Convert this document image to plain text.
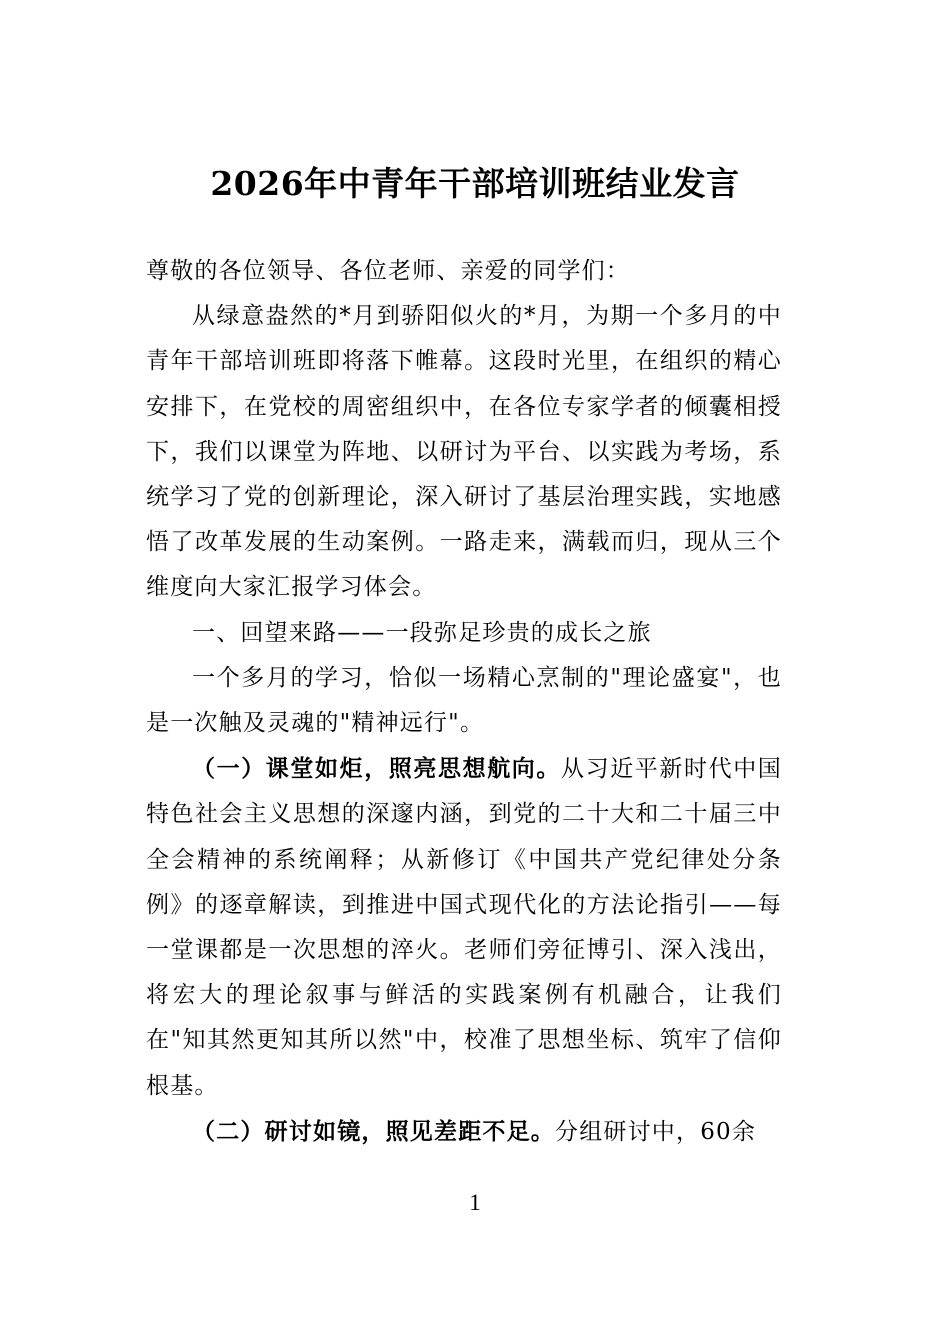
2026年中青年干部培训班结业发言

尊敬的各位领导、各位老师、亲爱的同学们：

从绿意盎然的*月到骄阳似火的*月，为期一个多月的中青年干部培训班即将落下帷幕。这段时光里，在组织的精心安排下，在党校的周密组织中，在各位专家学者的倾囊相授下，我们以课堂为阵地、以研讨为平台、以实践为考场，系统学习了党的创新理论，深入研讨了基层治理实践，实地感悟了改革发展的生动案例。一路走来，满载而归，现从三个维度向大家汇报学习体会。

一、回望来路——一段弥足珍贵的成长之旅

一个多月的学习，恰似一场精心烹制的"理论盛宴"，也是一次触及灵魂的"精神远行"。

（一）课堂如炬，照亮思想航向。从习近平新时代中国特色社会主义思想的深邃内涵，到党的二十大和二十届三中全会精神的系统阐释；从新修订《中国共产党纪律处分条例》的逐章解读，到推进中国式现代化的方法论指引——每一堂课都是一次思想的淬火。老师们旁征博引、深入浅出，将宏大的理论叙事与鲜活的实践案例有机融合，让我们在"知其然更知其所以然"中，校准了思想坐标、筑牢了信仰根基。

（二）研讨如镜，照见差距不足。分组研讨中，60余

1
